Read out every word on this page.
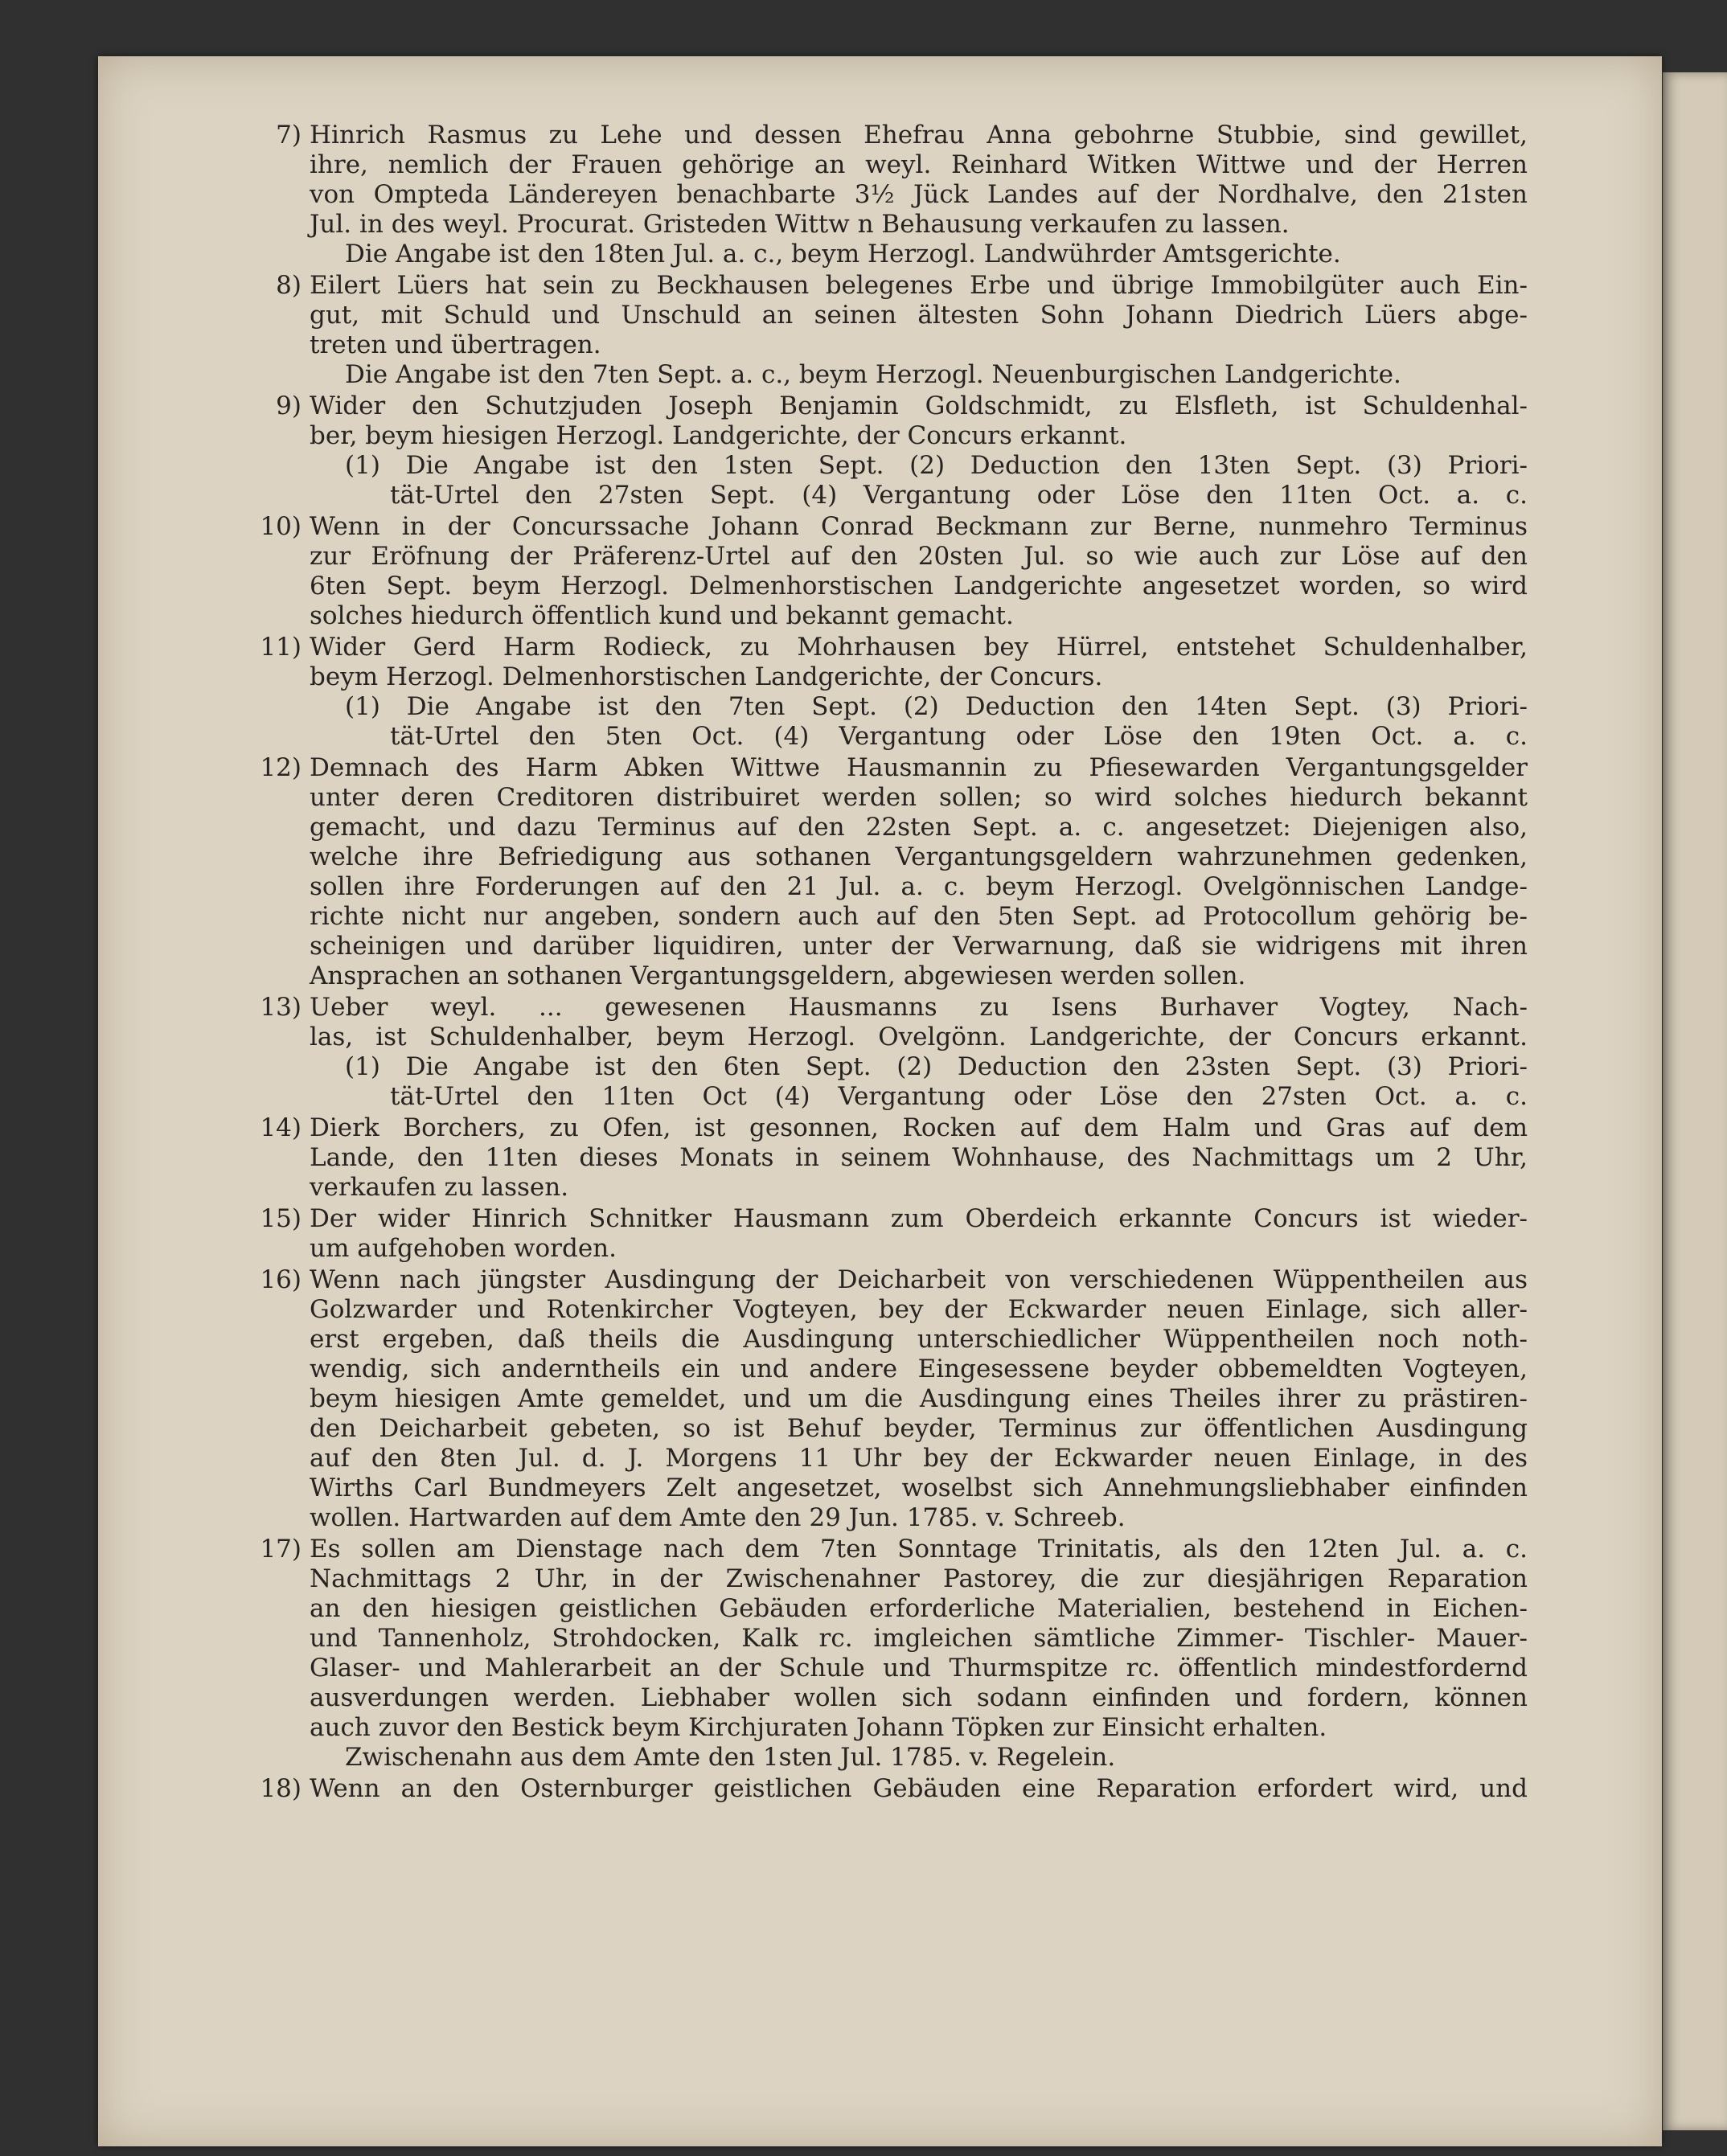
7) Hinrich Rasmus zu Lehe und dessen Ehefrau Anna gebohrne Stubbie, sind gewillet,
ihre, nemlich der Frauen gehörige an weyl. Reinhard Witken Wittwe und der Herren
von Ompteda Ländereyen benachbarte 3½ Jück Landes auf der Nordhalve, den 21sten
Jul. in des weyl. Procurat. Gristeden Wittw n Behausung verkaufen zu lassen.
Die Angabe ist den 18ten Jul. a. c., beym Herzogl. Landwührder Amtsgerichte.
8) Eilert Lüers hat sein zu Beckhausen belegenes Erbe und übrige Immobilgüter auch Ein-
gut, mit Schuld und Unschuld an seinen ältesten Sohn Johann Diedrich Lüers abge-
treten und übertragen.
Die Angabe ist den 7ten Sept. a. c., beym Herzogl. Neuenburgischen Landgerichte.
9) Wider den Schutzjuden Joseph Benjamin Goldschmidt, zu Elsfleth, ist Schuldenhal-
ber, beym hiesigen Herzogl. Landgerichte, der Concurs erkannt.
(1) Die Angabe ist den 1sten Sept. (2) Deduction den 13ten Sept. (3) Priori-
tät-Urtel den 27sten Sept. (4) Vergantung oder Löse den 11ten Oct. a. c.
10) Wenn in der Concurssache Johann Conrad Beckmann zur Berne, nunmehro Terminus
zur Eröfnung der Präferenz-Urtel auf den 20sten Jul. so wie auch zur Löse auf den
6ten Sept. beym Herzogl. Delmenhorstischen Landgerichte angesetzet worden, so wird
solches hiedurch öffentlich kund und bekannt gemacht.
11) Wider Gerd Harm Rodieck, zu Mohrhausen bey Hürrel, entstehet Schuldenhalber,
beym Herzogl. Delmenhorstischen Landgerichte, der Concurs.
(1) Die Angabe ist den 7ten Sept. (2) Deduction den 14ten Sept. (3) Priori-
tät-Urtel den 5ten Oct. (4) Vergantung oder Löse den 19ten Oct. a. c.
12) Demnach des Harm Abken Wittwe Hausmannin zu Pfiesewarden Vergantungsgelder
unter deren Creditoren distribuiret werden sollen; so wird solches hiedurch bekannt
gemacht, und dazu Terminus auf den 22sten Sept. a. c. angesetzet: Diejenigen also,
welche ihre Befriedigung aus sothanen Vergantungsgeldern wahrzunehmen gedenken,
sollen ihre Forderungen auf den 21 Jul. a. c. beym Herzogl. Ovelgönnischen Landge-
richte nicht nur angeben, sondern auch auf den 5ten Sept. ad Protocollum gehörig be-
scheinigen und darüber liquidiren, unter der Verwarnung, daß sie widrigens mit ihren
Ansprachen an sothanen Vergantungsgeldern, abgewiesen werden sollen.
13) Ueber weyl. ... gewesenen Hausmanns zu Isens Burhaver Vogtey, Nach-
las, ist Schuldenhalber, beym Herzogl. Ovelgönn. Landgerichte, der Concurs erkannt.
(1) Die Angabe ist den 6ten Sept. (2) Deduction den 23sten Sept. (3) Priori-
tät-Urtel den 11ten Oct (4) Vergantung oder Löse den 27sten Oct. a. c.
14) Dierk Borchers, zu Ofen, ist gesonnen, Rocken auf dem Halm und Gras auf dem
Lande, den 11ten dieses Monats in seinem Wohnhause, des Nachmittags um 2 Uhr,
verkaufen zu lassen.
15) Der wider Hinrich Schnitker Hausmann zum Oberdeich erkannte Concurs ist wieder-
um aufgehoben worden.
16) Wenn nach jüngster Ausdingung der Deicharbeit von verschiedenen Wüppentheilen aus
Golzwarder und Rotenkircher Vogteyen, bey der Eckwarder neuen Einlage, sich aller-
erst ergeben, daß theils die Ausdingung unterschiedlicher Wüppentheilen noch noth-
wendig, sich anderntheils ein und andere Eingesessene beyder obbemeldten Vogteyen,
beym hiesigen Amte gemeldet, und um die Ausdingung eines Theiles ihrer zu prästiren-
den Deicharbeit gebeten, so ist Behuf beyder, Terminus zur öffentlichen Ausdingung
auf den 8ten Jul. d. J. Morgens 11 Uhr bey der Eckwarder neuen Einlage, in des
Wirths Carl Bundmeyers Zelt angesetzet, woselbst sich Annehmungsliebhaber einfinden
wollen. Hartwarden auf dem Amte den 29 Jun. 1785. v. Schreeb.
17) Es sollen am Dienstage nach dem 7ten Sonntage Trinitatis, als den 12ten Jul. a. c.
Nachmittags 2 Uhr, in der Zwischenahner Pastorey, die zur diesjährigen Reparation
an den hiesigen geistlichen Gebäuden erforderliche Materialien, bestehend in Eichen-
und Tannenholz, Strohdocken, Kalk rc. imgleichen sämtliche Zimmer- Tischler- Mauer-
Glaser- und Mahlerarbeit an der Schule und Thurmspitze rc. öffentlich mindestfordernd
ausverdungen werden. Liebhaber wollen sich sodann einfinden und fordern, können
auch zuvor den Bestick beym Kirchjuraten Johann Töpken zur Einsicht erhalten.
Zwischenahn aus dem Amte den 1sten Jul. 1785. v. Regelein.
18) Wenn an den Osternburger geistlichen Gebäuden eine Reparation erfordert wird, und
